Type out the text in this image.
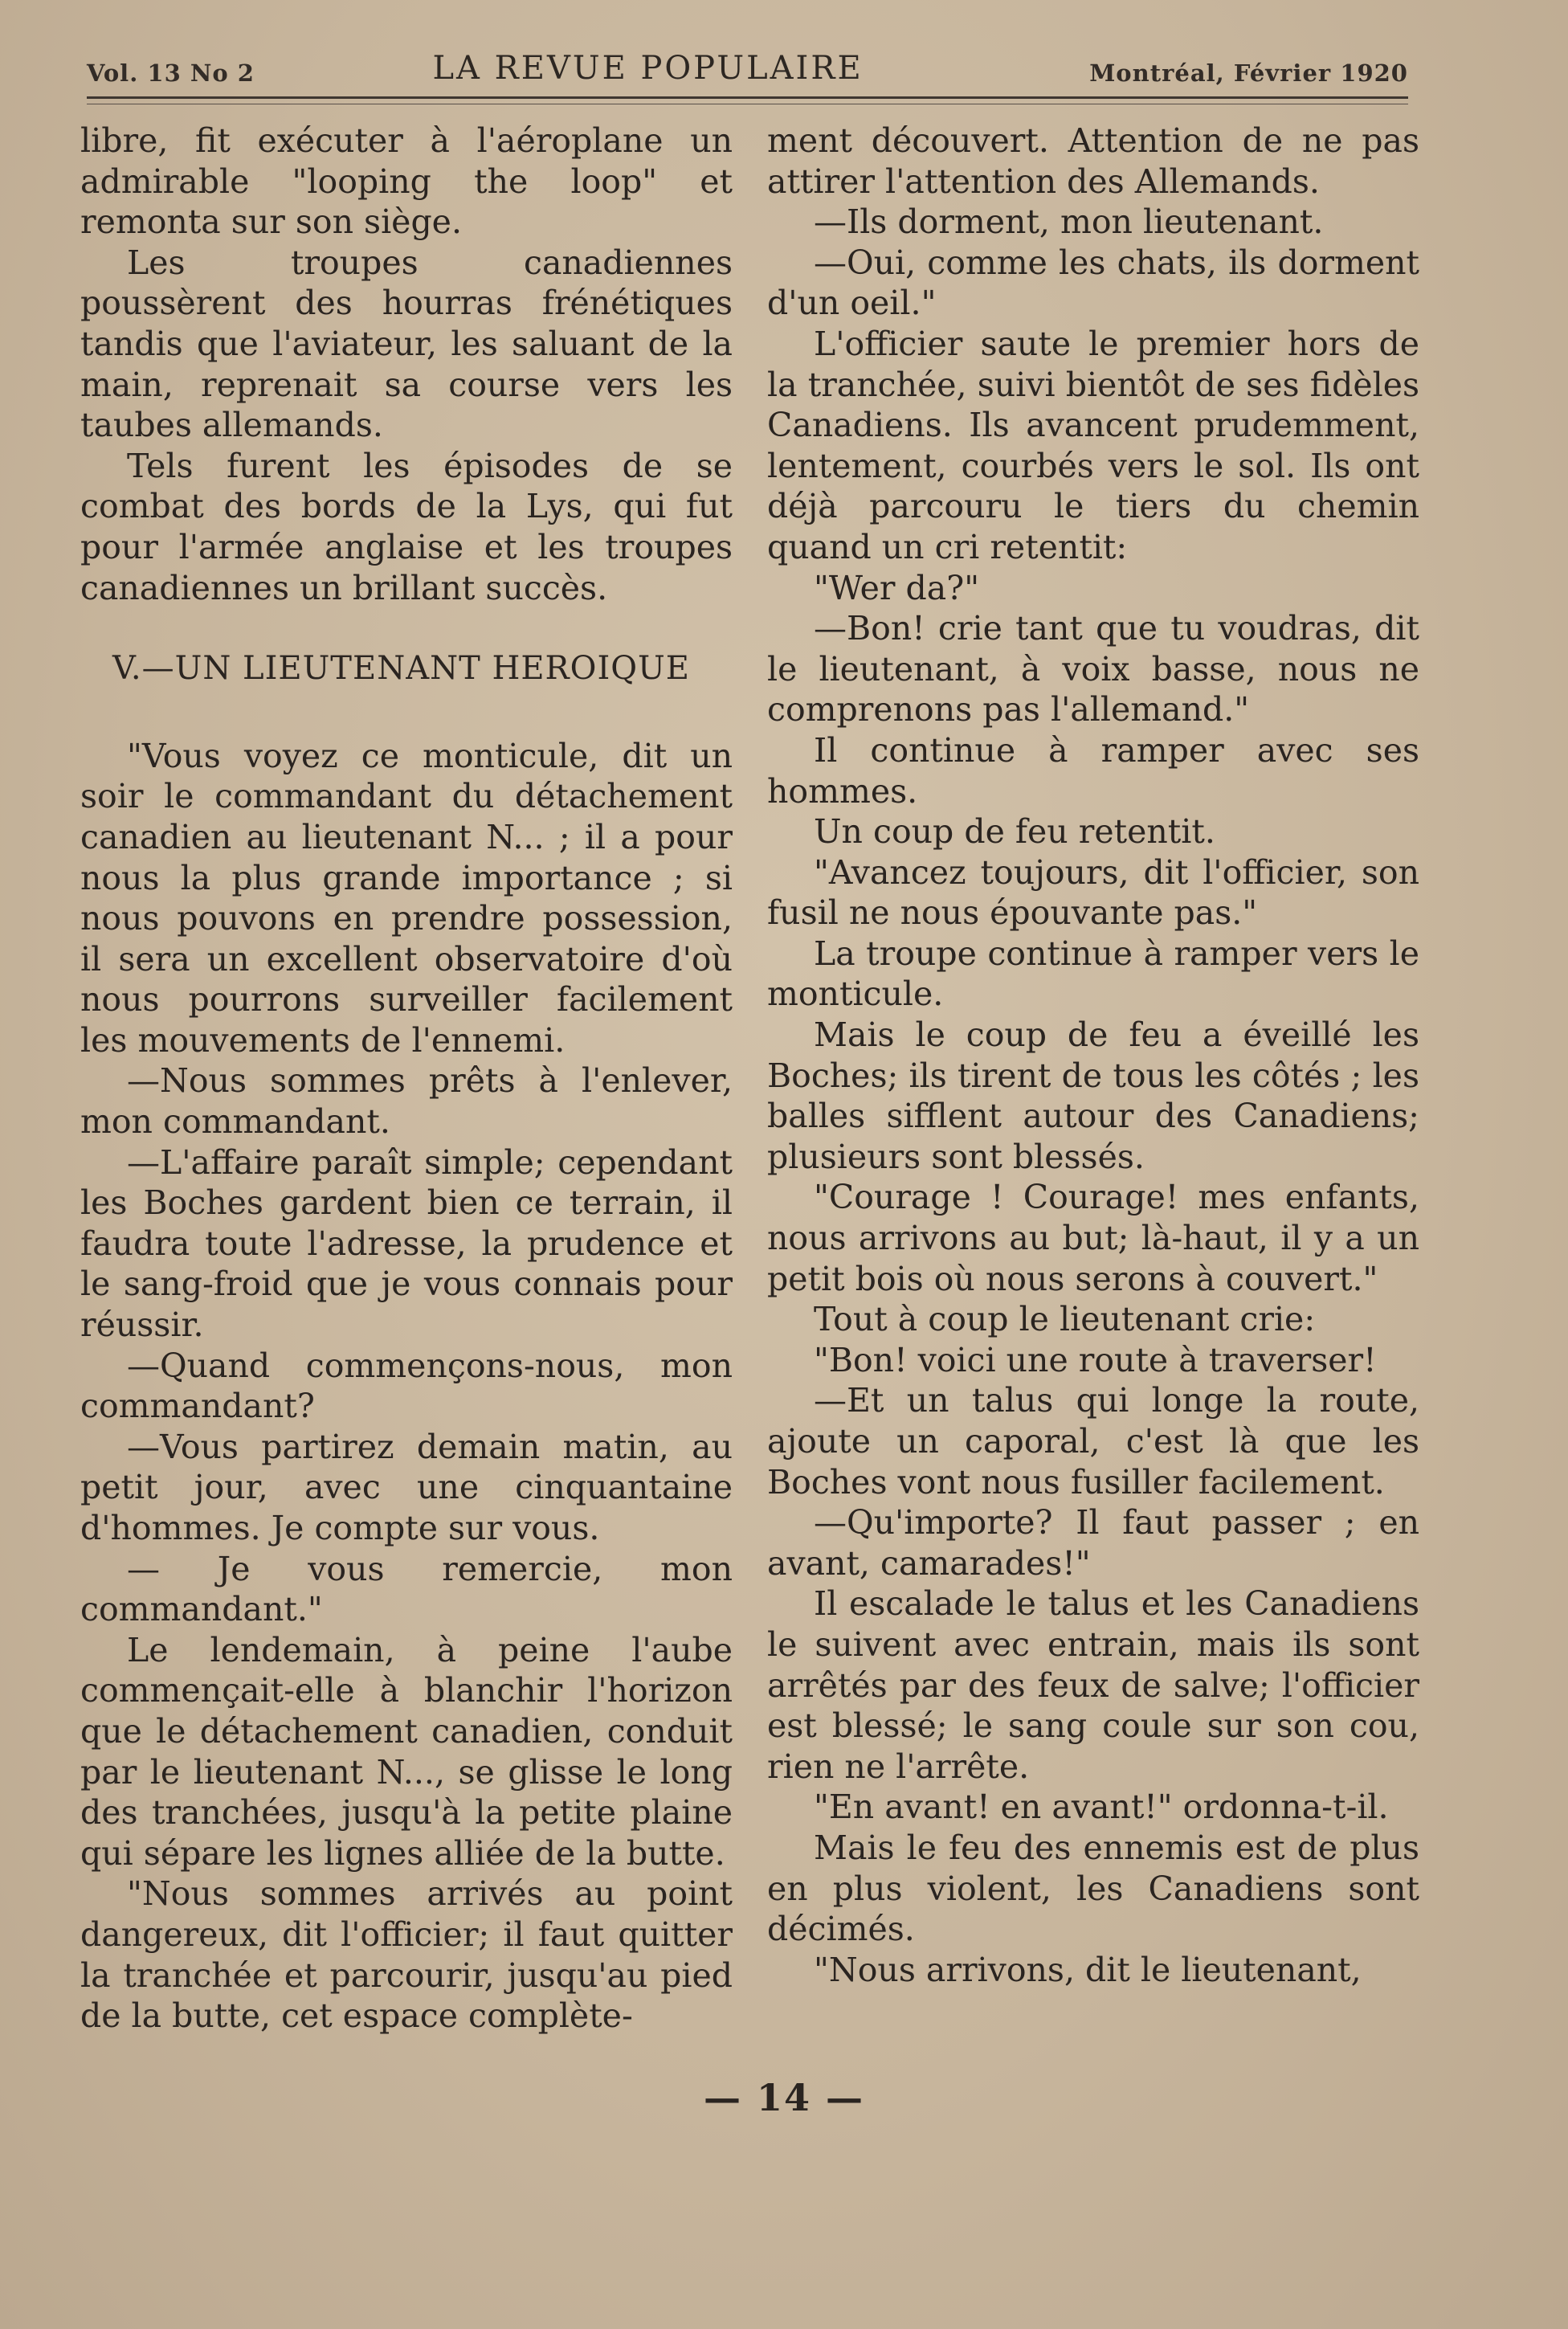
Vol. 13 No 2	LA REVUE POPULAIRE	Montréal, Février 1920

libre, fit exécuter à l'aéroplane un admirable "looping the loop" et remonta sur son siège.

Les troupes canadiennes poussèrent des hourras frénétiques tandis que l'aviateur, les saluant de la main, reprenait sa course vers les taubes allemands.

Tels furent les épisodes de se combat des bords de la Lys, qui fut pour l'armée anglaise et les troupes canadiennes un brillant succès.

V.—UN LIEUTENANT HEROIQUE

"Vous voyez ce monticule, dit un soir le commandant du détachement canadien au lieutenant N... ; il a pour nous la plus grande importance ; si nous pouvons en prendre possession, il sera un excellent observatoire d'où nous pourrons surveiller facilement les mouvements de l'ennemi.

—Nous sommes prêts à l'enlever, mon commandant.

—L'affaire paraît simple; cependant les Boches gardent bien ce terrain, il faudra toute l'adresse, la prudence et le sang-froid que je vous connais pour réussir.

—Quand commençons-nous, mon commandant?

—Vous partirez demain matin, au petit jour, avec une cinquantaine d'hommes. Je compte sur vous.

— Je vous remercie, mon commandant."

Le lendemain, à peine l'aube commençait-elle à blanchir l'horizon que le détachement canadien, conduit par le lieutenant N..., se glisse le long des tranchées, jusqu'à la petite plaine qui sépare les lignes alliée de la butte.

"Nous sommes arrivés au point dangereux, dit l'officier; il faut quitter la tranchée et parcourir, jusqu'au pied de la butte, cet espace complète-

ment découvert. Attention de ne pas attirer l'attention des Allemands.

—Ils dorment, mon lieutenant.

—Oui, comme les chats, ils dorment d'un oeil."

L'officier saute le premier hors de la tranchée, suivi bientôt de ses fidèles Canadiens. Ils avancent prudemment, lentement, courbés vers le sol. Ils ont déjà parcouru le tiers du chemin quand un cri retentit:

"Wer da?"

—Bon! crie tant que tu voudras, dit le lieutenant, à voix basse, nous ne comprenons pas l'allemand."

Il continue à ramper avec ses hommes.

Un coup de feu retentit.

"Avancez toujours, dit l'officier, son fusil ne nous épouvante pas."

La troupe continue à ramper vers le monticule.

Mais le coup de feu a éveillé les Boches; ils tirent de tous les côtés ; les balles sifflent autour des Canadiens; plusieurs sont blessés.

"Courage ! Courage! mes enfants, nous arrivons au but; là-haut, il y a un petit bois où nous serons à couvert."

Tout à coup le lieutenant crie:

"Bon! voici une route à traverser!

—Et un talus qui longe la route, ajoute un caporal, c'est là que les Boches vont nous fusiller facilement.

—Qu'importe? Il faut passer ; en avant, camarades!"

Il escalade le talus et les Canadiens le suivent avec entrain, mais ils sont arrêtés par des feux de salve; l'officier est blessé; le sang coule sur son cou, rien ne l'arrête.

"En avant! en avant!" ordonna-t-il.

Mais le feu des ennemis est de plus en plus violent, les Canadiens sont décimés.

"Nous arrivons, dit le lieutenant,

— 14 —
